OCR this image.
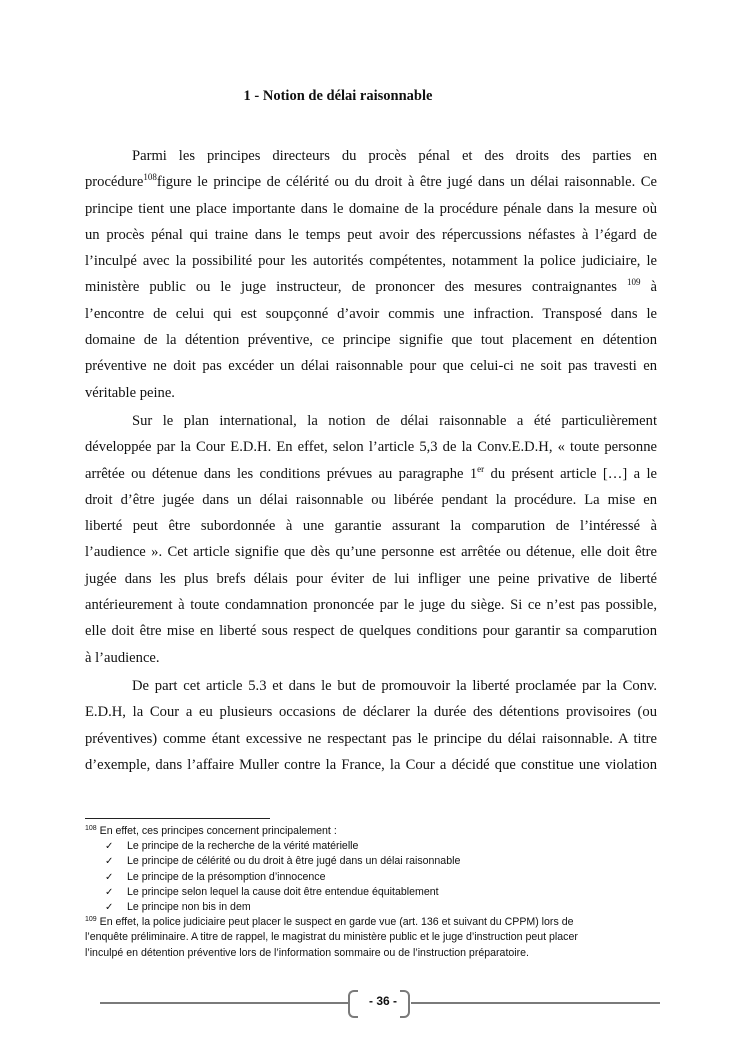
1 - Notion de délai raisonnable
Parmi les principes directeurs du procès pénal et des droits des parties en
procédure$^{108}$figure le principe de célérité ou du droit à être jugé dans un délai raisonnable. Ce
principe tient une place importante dans le domaine de la procédure pénale dans la mesure où
un procès pénal qui traine dans le temps peut avoir des répercussions néfastes à l’égard de
l’inculpé avec la possibilité pour les autorités compétentes, notamment la police judiciaire, le
ministère public ou le juge instructeur, de prononcer des mesures contraignantes $^{109}$ à
l’encontre de celui qui est soupçonné d’avoir commis une infraction. Transposé dans le
domaine de la détention préventive, ce principe signifie que tout placement en détention
préventive ne doit pas excéder un délai raisonnable pour que celui-ci ne soit pas travesti en
véritable peine.
Sur le plan international, la notion de délai raisonnable a été particulièrement
développée par la Cour E.D.H. En effet, selon l’article 5,3 de la Conv.E.D.H, « toute personne
arrêtée ou détenue dans les conditions prévues au paragraphe 1er du présent article […] a le
droit d’être jugée dans un délai raisonnable ou libérée pendant la procédure. La mise en
liberté peut être subordonnée à une garantie assurant la comparution de l’intéressé à
l’audience ». Cet article signifie que dès qu’une personne est arrêtée ou détenue, elle doit être
jugée dans les plus brefs délais pour éviter de lui infliger une peine privative de liberté
antérieurement à toute condamnation prononcée par le juge du siège. Si ce n’est pas possible,
elle doit être mise en liberté sous respect de quelques conditions pour garantir sa comparution
à l’audience.
De part cet article 5.3 et dans le but de promouvoir la liberté proclamée par la Conv.
E.D.H, la Cour a eu plusieurs occasions de déclarer la durée des détentions provisoires (ou
préventives) comme étant excessive ne respectant pas le principe du délai raisonnable. A titre
d’exemple, dans l’affaire Muller contre la France, la Cour a décidé que constitue une violation
$^{108}$ En effet, ces principes concernent principalement :
✓ Le principe de la recherche de la vérité matérielle
✓ Le principe de célérité ou du droit à être jugé dans un délai raisonnable
✓ Le principe de la présomption d’innocence
✓ Le principe selon lequel la cause doit être entendue équitablement
✓ Le principe non bis in dem
$^{109}$ En effet, la police judiciaire peut placer le suspect en garde vue (art. 136 et suivant du CPPM) lors de
l’enquête préliminaire. A titre de rappel, le magistrat du ministère public et le juge d’instruction peut placer
l’inculpé en détention préventive lors de l’information sommaire ou de l’instruction préparatoire.
- 36 -
